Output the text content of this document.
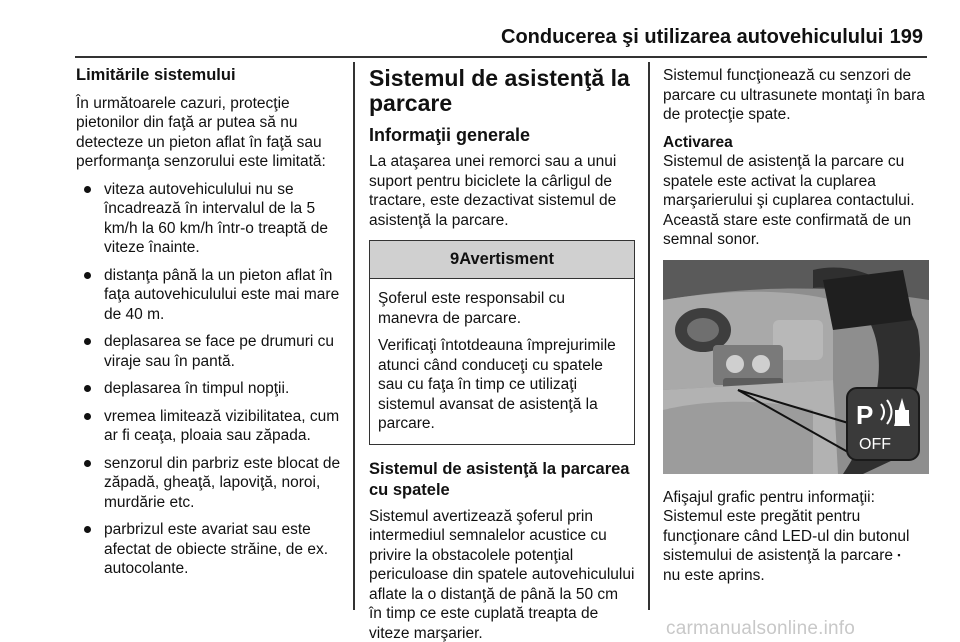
Conducerea şi utilizarea autovehiculului 199
Limitările sistemului

În următoarele cazuri, protecţie pietonilor din faţă ar putea să nu detecteze un pieton aflat în faţă sau performanţa senzorului este limitată:

viteza autovehiculului nu se încadrează în intervalul de la 5 km/h la 60 km/h într-o treaptă de viteze înainte.
distanţa până la un pieton aflat în faţa autovehiculului este mai mare de 40 m.
deplasarea se face pe drumuri cu viraje sau în pantă.
deplasarea în timpul nopţii.
vremea limitează vizibilitatea, cum ar fi ceaţa, ploaia sau zăpada.
senzorul din parbriz este blocat de zăpadă, gheaţă, lapoviţă, noroi, murdărie etc.
parbrizul este avariat sau este afectat de obiecte străine, de ex. autocolante.
Sistemul de asistenţă la parcare
Informaţii generale

La ataşarea unei remorci sau a unui suport pentru biciclete la cârligul de tractare, este dezactivat sistemul de asistenţă la parcare.

9 Avertisment

Şoferul este responsabil cu manevra de parcare.

Verificaţi întotdeauna împrejurimile atunci când conduceţi cu spatele sau cu faţa în timp ce utilizaţi sistemul avansat de asistenţă la parcare.

Sistemul de asistenţă la parcarea cu spatele

Sistemul avertizează şoferul prin intermediul semnalelor acustice cu privire la obstacolele potenţial periculoase din spatele autovehiculului aflate la o distanţă de până la 50 cm în timp ce este cuplată treapta de viteze marşarier.

Sistemul funcţionează cu senzori de parcare cu ultrasunete montaţi în bara de protecţie spate.

Activarea

Sistemul de asistenţă la parcare cu spatele este activat la cuplarea marşarierului şi cuplarea contactului. Această stare este confirmată de un semnal sonor.

P
OFF

Afişajul grafic pentru informaţii: Sistemul este pregătit pentru funcţionare când LED-ul din butonul sistemului de asistenţă la parcare ▪
nu este aprins.

carmanualsonline.info
